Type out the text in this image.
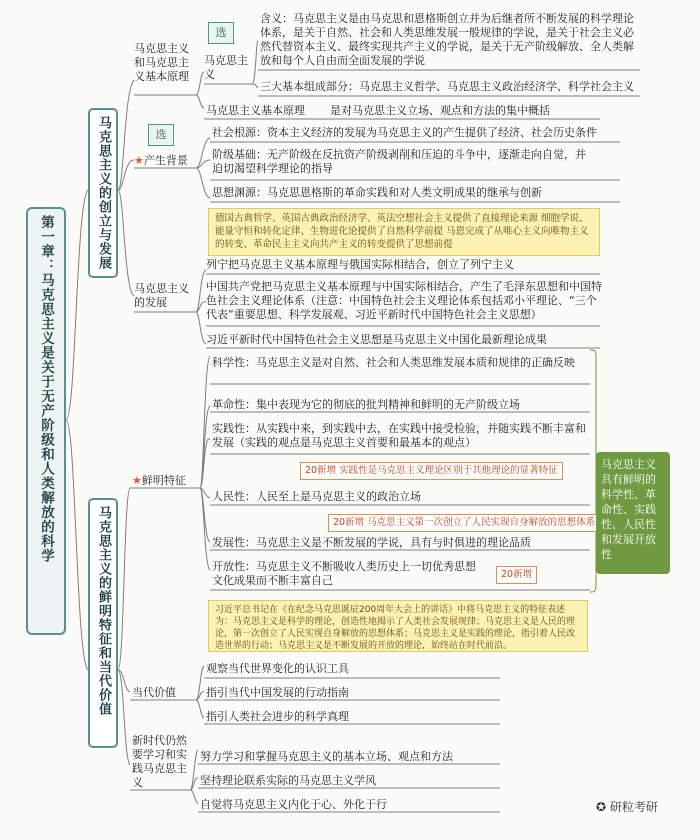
第一章：马克思主义是关于无产阶级和人类解放的科学
马克思主义的创立与发展
马克思主义和马克思主义基本原理
选
马克思主义
含义：马克思主义是由马克思和恩格斯创立并为后继者所不断发展的科学理论体系，是关于自然、社会和人类思维发展一般规律的学说，是关于社会主义必然代替资本主义、最终实现共产主义的学说，是关于无产阶级解放、全人类解放和每个人自由而全面发展的学说
三大基本组成部分：马克思主义哲学、马克思主义政治经济学、科学社会主义
马克思主义基本原理	是对马克思主义立场、观点和方法的集中概括
选
★产生背景
社会根源：资本主义经济的发展为马克思主义的产生提供了经济、社会历史条件
阶级基础：无产阶级在反抗资产阶级剥削和压迫的斗争中，逐渐走向自觉，并迫切渴望科学理论的指导
思想渊源：马克思恩格斯的革命实践和对人类文明成果的继承与创新
德国古典哲学、英国古典政治经济学、英法空想社会主义提供了直接理论来源 细胞学说、能量守恒和转化定律、生物进化论提供了自然科学前提 马恩完成了从唯心主义向唯物主义的转变、革命民主主义向共产主义的转变提供了思想前提
马克思主义的发展
列宁把马克思主义基本原理与俄国实际相结合，创立了列宁主义
中国共产党把马克思主义基本原理与中国实际相结合，产生了毛泽东思想和中国特色社会主义理论体系（注意：中国特色社会主义理论体系包括邓小平理论、“三个代表”重要思想、科学发展观、习近平新时代中国特色社会主义思想）
习近平新时代中国特色社会主义思想是马克思主义中国化最新理论成果
马克思主义的鲜明特征和当代价值
★鲜明特征
科学性：马克思主义是对自然、社会和人类思维发展本质和规律的正确反映
革命性：集中表现为它的彻底的批判精神和鲜明的无产阶级立场
实践性：从实践中来，到实践中去，在实践中接受检验，并随实践不断丰富和发展（实践的观点是马克思主义首要和最基本的观点）
20新增 实践性是马克思主义理论区别于其他理论的显著特征
人民性：人民至上是马克思主义的政治立场
20新增 马克思主义第一次创立了人民实现自身解放的思想体系
发展性：马克思主义是不断发展的学说，具有与时俱进的理论品质
开放性：马克思主义不断吸收人类历史上一切优秀思想文化成果而不断丰富自己	20新增
马克思主义具有鲜明的科学性、革命性、实践性、人民性和发展开放性
习近平总书记在《在纪念马克思诞辰200周年大会上的讲话》中将马克思主义的特征表述为：马克思主义是科学的理论，创造性地揭示了人类社会发展规律；马克思主义是人民的理论，第一次创立了人民实现自身解放的思想体系；马克思主义是实践的理论，指引着人民改造世界的行动；马克思主义是不断发展的开放的理论，始终站在时代前沿。
当代价值
观察当代世界变化的认识工具
指引当代中国发展的行动指南
指引人类社会进步的科学真理
新时代仍然要学习和实践马克思主义
努力学习和掌握马克思主义的基本立场、观点和方法
坚持理论联系实际的马克思主义学风
自觉将马克思主义内化于心、外化于行	✪ 研粒考研
